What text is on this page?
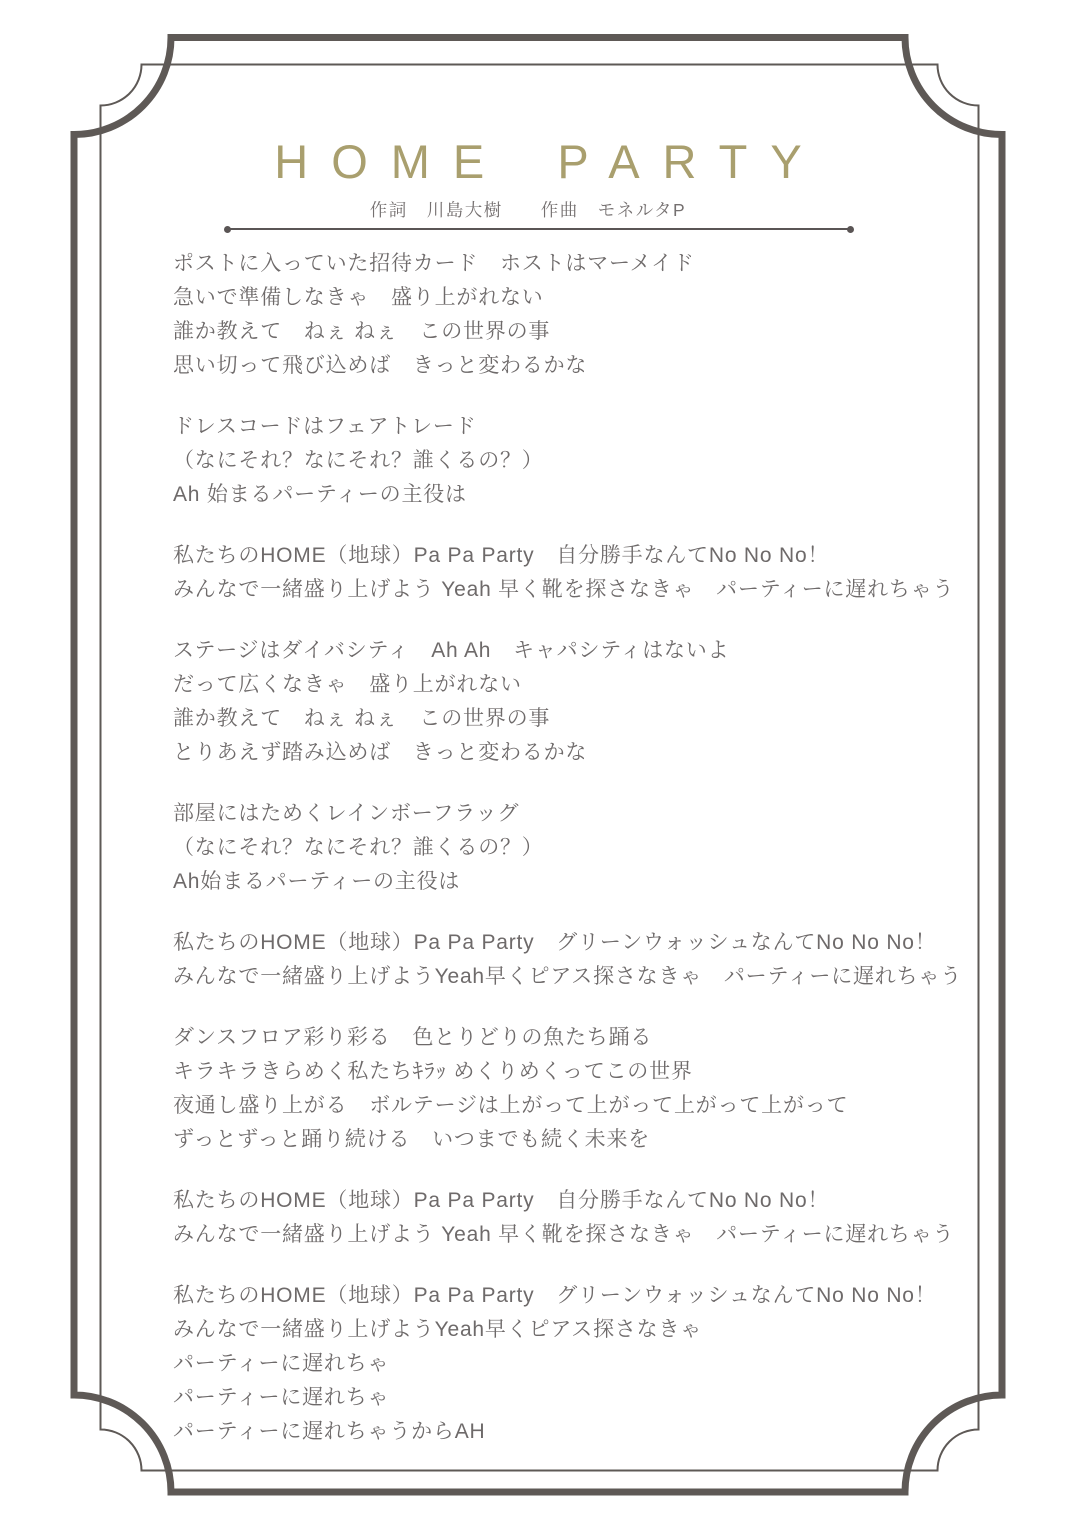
HOME PARTY
作詞　川島大樹　　作曲　モネルタP
ポストに入っていた招待カード　ホストはマーメイド
急いで準備しなきゃ　盛り上がれない
誰か教えて　ねぇ ねぇ　この世界の事
思い切って飛び込めば　きっと変わるかな
ドレスコードはフェアトレード
（なにそれ？なにそれ？誰くるの？）
Ah 始まるパーティーの主役は
私たちのHOME（地球）Pa Pa Party　自分勝手なんてNo No No！
みんなで一緒盛り上げよう Yeah 早く靴を探さなきゃ　パーティーに遅れちゃう
ステージはダイバシティ　Ah Ah　キャパシティはないよ
だって広くなきゃ　盛り上がれない
誰か教えて　ねぇ ねぇ　この世界の事
とりあえず踏み込めば　きっと変わるかな
部屋にはためくレインボーフラッグ
（なにそれ？なにそれ？誰くるの？）
Ah始まるパーティーの主役は
私たちのHOME（地球）Pa Pa Party　グリーンウォッシュなんてNo No No！
みんなで一緒盛り上げようYeah早くピアス探さなきゃ　パーティーに遅れちゃう
ダンスフロア彩り彩る　色とりどりの魚たち踊る
キラキラきらめく私たちｷﾗｯ めくりめくってこの世界
夜通し盛り上がる　ボルテージは上がって上がって上がって上がって
ずっとずっと踊り続ける　いつまでも続く未来を
私たちのHOME（地球）Pa Pa Party　自分勝手なんてNo No No！
みんなで一緒盛り上げよう Yeah 早く靴を探さなきゃ　パーティーに遅れちゃう
私たちのHOME（地球）Pa Pa Party　グリーンウォッシュなんてNo No No！
みんなで一緒盛り上げようYeah早くピアス探さなきゃ
パーティーに遅れちゃ
パーティーに遅れちゃ
パーティーに遅れちゃうからAH
